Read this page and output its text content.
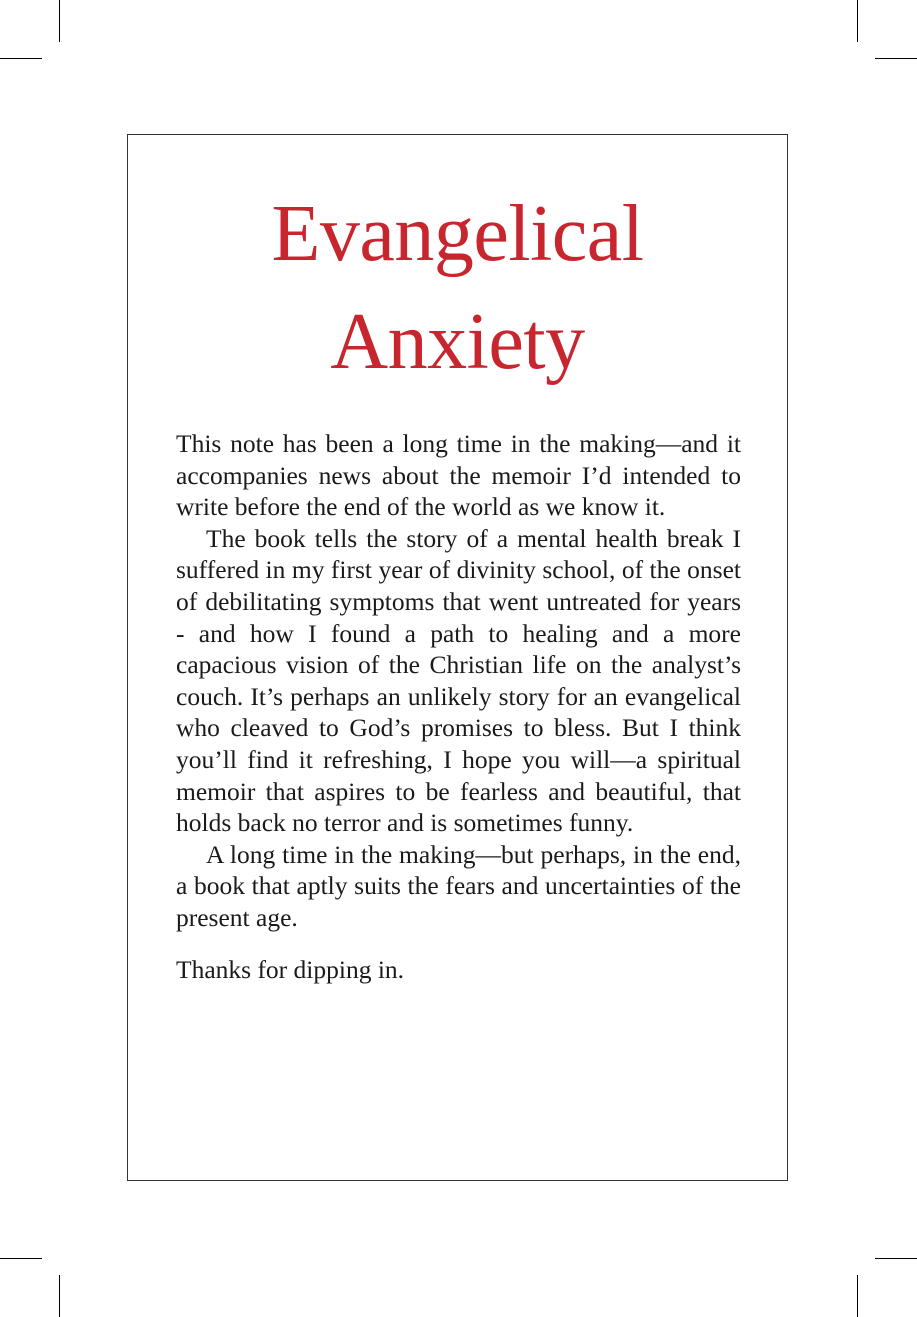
Evangelical
Anxiety

This note has been a long time in the making—and it accompanies news about the memoir I’d intended to write before the end of the world as we know it.

The book tells the story of a mental health break I suffered in my first year of divinity school, of the onset of debilitating symptoms that went untreated for years - and how I found a path to healing and a more capacious vision of the Christian life on the analyst’s couch. It’s perhaps an unlikely story for an evangelical who cleaved to God’s promises to bless. But I think you’ll find it refreshing, I hope you will—a spiritual memoir that aspires to be fearless and beautiful, that holds back no terror and is sometimes funny.

A long time in the making—but perhaps, in the end, a book that aptly suits the fears and uncertainties of the present age.

Thanks for dipping in.
